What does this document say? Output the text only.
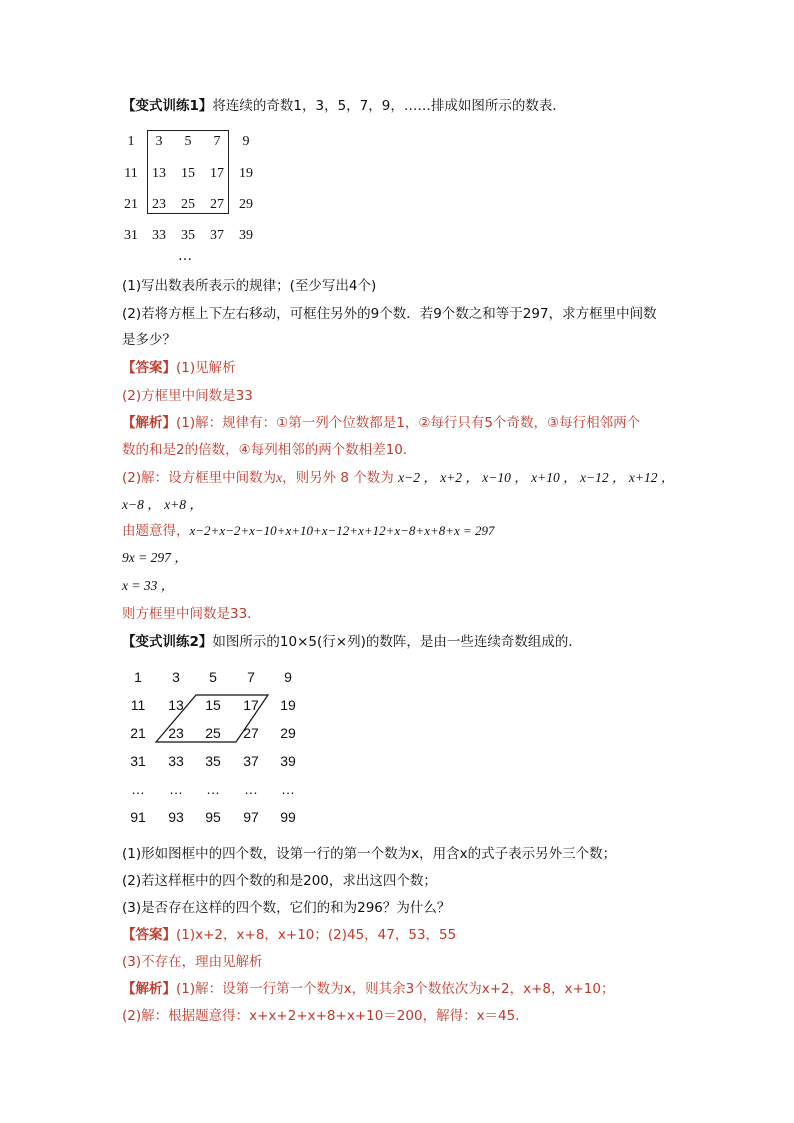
【变式训练1】将连续的奇数1，3，5，7，9，……排成如图所示的数表．
1	3	5	7	9
11	13	15	17	19
21	23	25	27	29
31	33	35	37	39
…
(1)写出数表所表示的规律；(至少写出4个)
(2)若将方框上下左右移动，可框住另外的9个数．若9个数之和等于297，求方框里中间数
是多少？
【答案】(1)见解析
(2)方框里中间数是33
【解析】(1)解：规律有：①第一列个位数都是1，②每行只有5个奇数，③每行相邻两个
数的和是2的倍数，④每列相邻的两个数相差10．
(2)解：设方框里中间数为x，则另外 8 个数为 x−2 ， x+2 ， x−10 ， x+10 ， x−12 ， x+12 ，
x−8 ， x+8 ，
由题意得，x−2+x−2+x−10+x+10+x−12+x+12+x−8+x+8+x = 297
9x = 297 ，
x = 33 ，
则方框里中间数是33．
【变式训练2】如图所示的10×5(行×列)的数阵，是由一些连续奇数组成的．
1	3	5	7	9
11	13	15	17	19
21	23	25	27	29
31	33	35	37	39
…	…	…	…	…
91	93	95	97	99
(1)形如图框中的四个数，设第一行的第一个数为x，用含x的式子表示另外三个数；
(2)若这样框中的四个数的和是200，求出这四个数；
(3)是否存在这样的四个数，它们的和为296？为什么？
【答案】(1)x+2，x+8，x+10；(2)45，47，53，55
(3)不存在，理由见解析
【解析】(1)解：设第一行第一个数为x，则其余3个数依次为x+2，x+8，x+10；
(2)解：根据题意得：x+x+2+x+8+x+10＝200，解得：x＝45．
